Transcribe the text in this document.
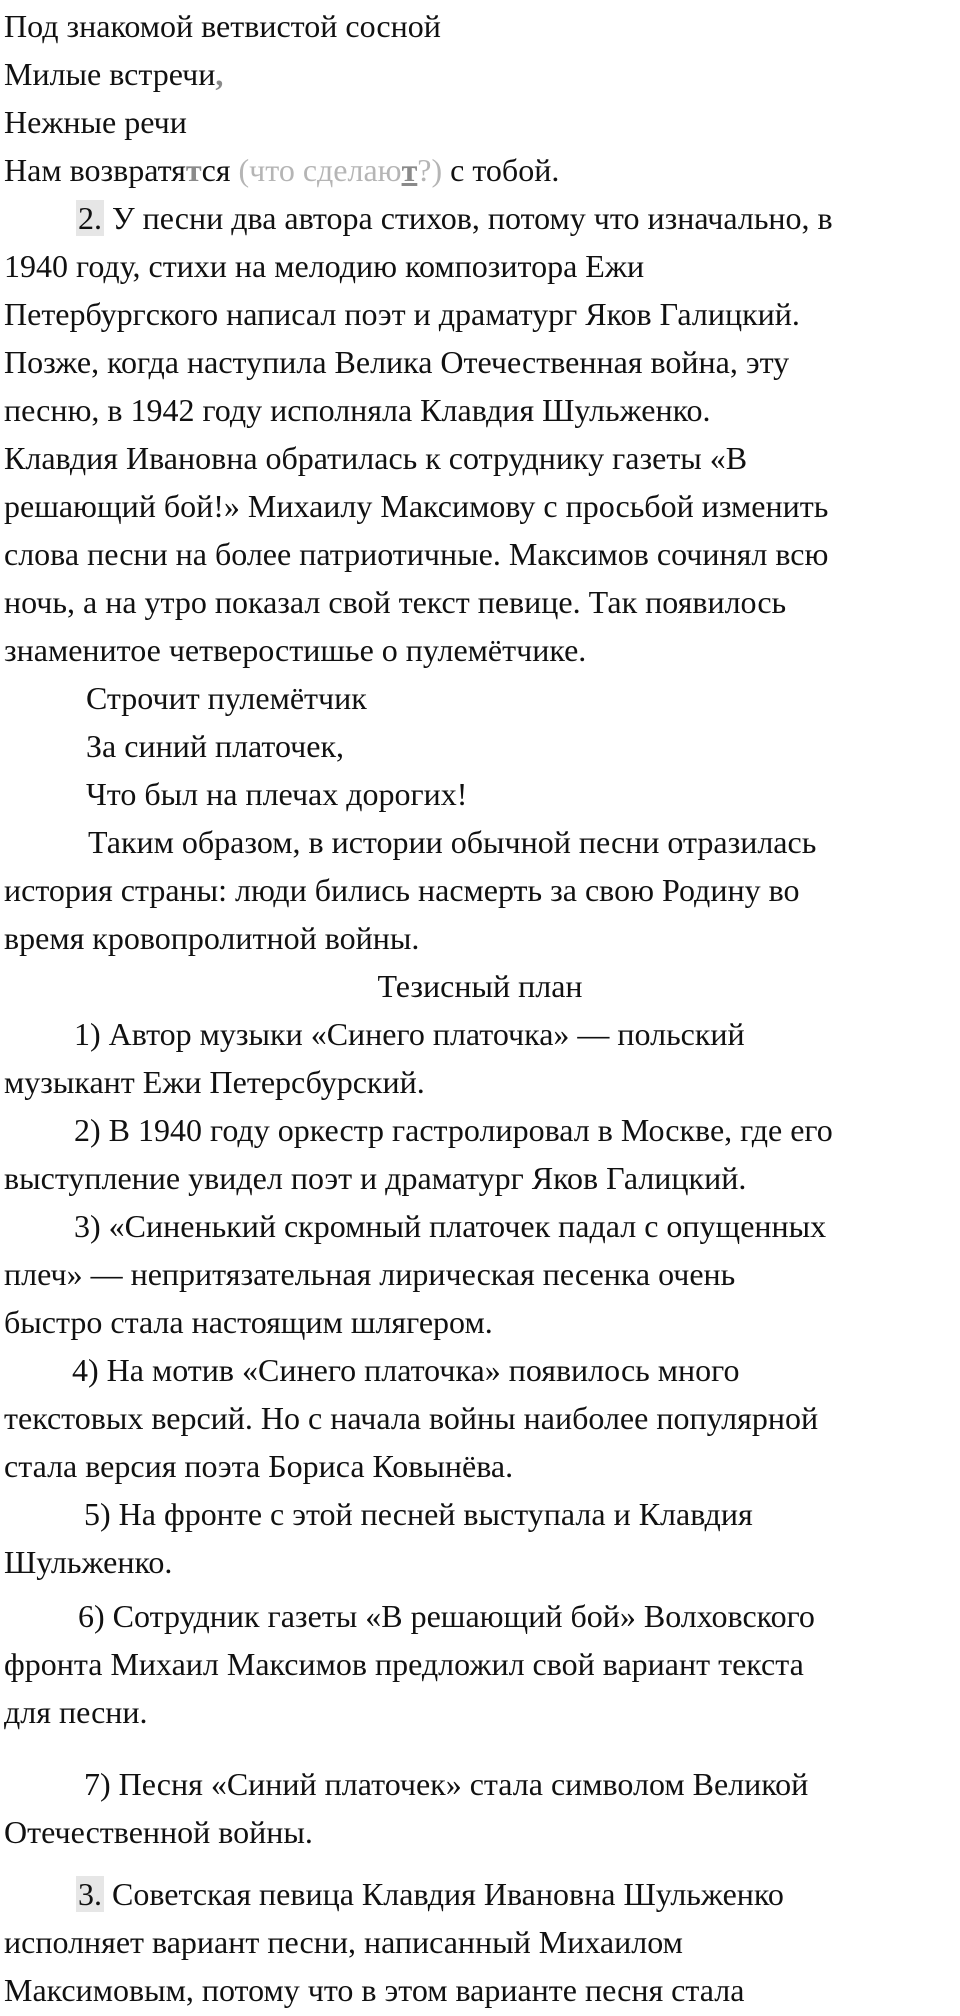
Под знакомой ветвистой сосной
Милые встречи,
Нежные речи
Нам возвратятся (что сделают?) с тобой.
2. У песни два автора стихов, потому что изначально, в
1940 году, стихи на мелодию композитора Ежи
Петербургского написал поэт и драматург Яков Галицкий.
Позже, когда наступила Велика Отечественная война, эту
песню, в 1942 году исполняла Клавдия Шульженко.
Клавдия Ивановна обратилась к сотруднику газеты «В
решающий бой!» Михаилу Максимову с просьбой изменить
слова песни на более патриотичные. Максимов сочинял всю
ночь, а на утро показал свой текст певице. Так появилось
знаменитое четверостишье о пулемётчике.
Строчит пулемётчик
За синий платочек,
Что был на плечах дорогих!
Таким образом, в истории обычной песни отразилась
история страны: люди бились насмерть за свою Родину во
время кровопролитной войны.
Тезисный план
1) Автор музыки «Синего платочка» — польский
музыкант Ежи Петерсбурский.
2) В 1940 году оркестр гастролировал в Москве, где его
выступление увидел поэт и драматург Яков Галицкий.
3) «Синенький скромный платочек падал с опущенных
плеч» — непритязательная лирическая песенка очень
быстро стала настоящим шлягером.
4) На мотив «Синего платочка» появилось много
текстовых версий. Но с начала войны наиболее популярной
стала версия поэта Бориса Ковынёва.
5) На фронте с этой песней выступала и Клавдия
Шульженко.
6) Сотрудник газеты «В решающий бой» Волховского
фронта Михаил Максимов предложил свой вариант текста
для песни.
7) Песня «Синий платочек» стала символом Великой
Отечественной войны.
3. Советская певица Клавдия Ивановна Шульженко
исполняет вариант песни, написанный Михаилом
Максимовым, потому что в этом варианте песня стала
